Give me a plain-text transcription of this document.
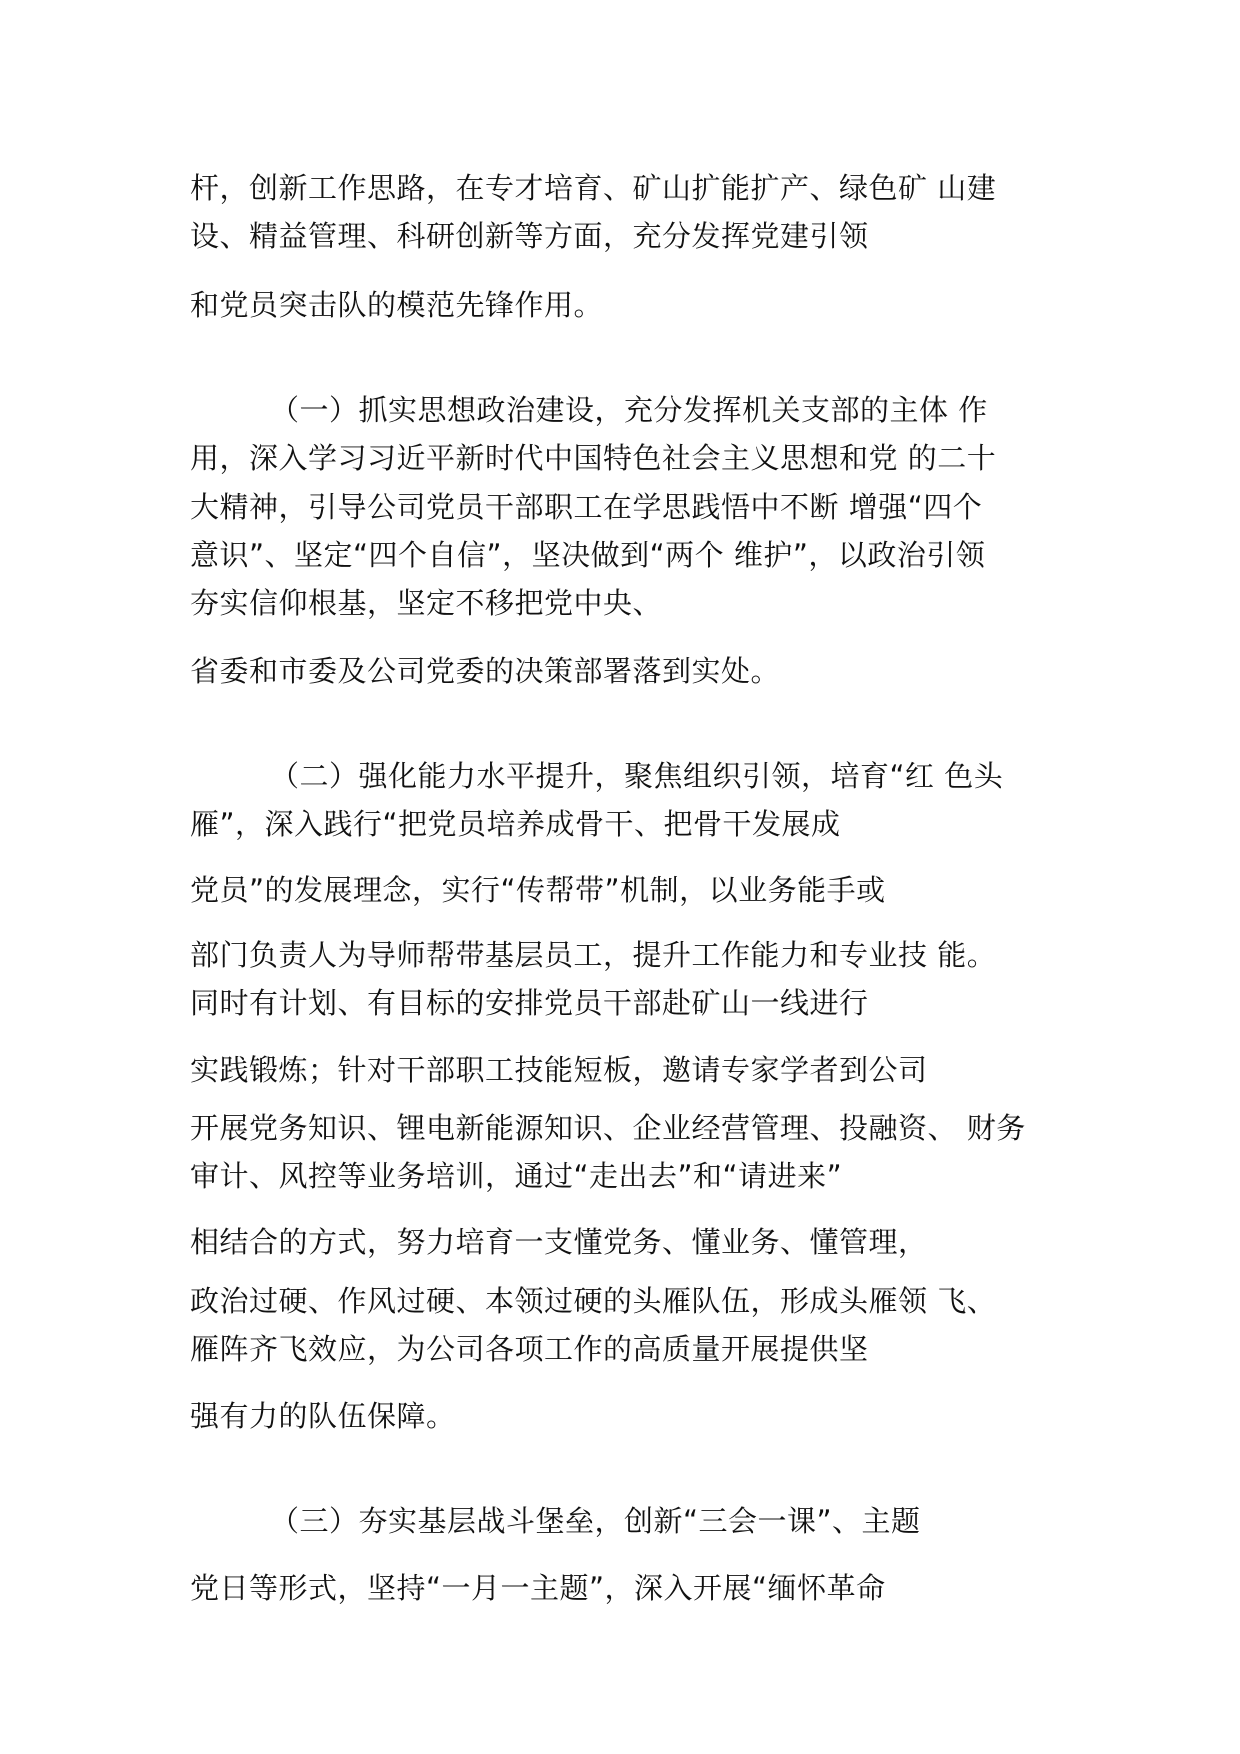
杆，创新工作思路，在专才培育、矿山扩能扩产、绿色矿 山建
设、精益管理、科研创新等方面，充分发挥党建引领
和党员突击队的模范先锋作用。
（一）抓实思想政治建设，充分发挥机关支部的主体 作
用，深入学习习近平新时代中国特色社会主义思想和党 的二十
大精神，引导公司党员干部职工在学思践悟中不断 增强“四个
意识”、坚定“四个自信”，坚决做到“两个 维护”，以政治引领
夯实信仰根基，坚定不移把党中央、
省委和市委及公司党委的决策部署落到实处。
（二）强化能力水平提升，聚焦组织引领，培育“红 色头
雁”，深入践行“把党员培养成骨干、把骨干发展成
党员”的发展理念，实行“传帮带”机制，以业务能手或
部门负责人为导师帮带基层员工，提升工作能力和专业技 能。
同时有计划、有目标的安排党员干部赴矿山一线进行
实践锻炼；针对干部职工技能短板，邀请专家学者到公司
开展党务知识、锂电新能源知识、企业经营管理、投融资、 财务
审计、风控等业务培训，通过“走出去”和“请进来”
相结合的方式，努力培育一支懂党务、懂业务、懂管理，
政治过硬、作风过硬、本领过硬的头雁队伍，形成头雁领 飞、
雁阵齐飞效应，为公司各项工作的高质量开展提供坚
强有力的队伍保障。
（三）夯实基层战斗堡垒，创新“三会一课”、主题
党日等形式，坚持“一月一主题”，深入开展“缅怀革命
